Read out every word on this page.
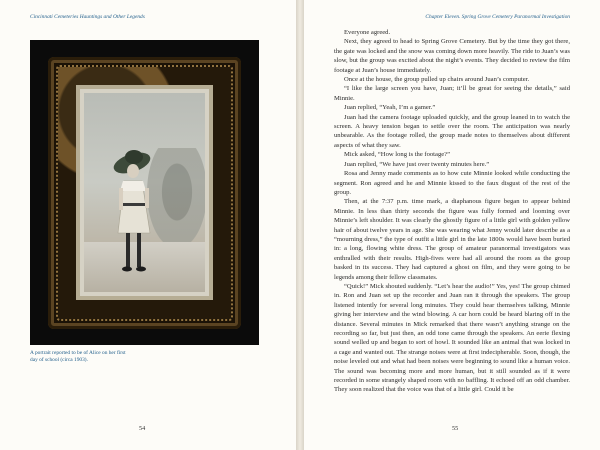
Cincinnati Cemeteries Hauntings and Other Legends
A portrait reported to be of Alice on her first day of school (circa 1903).
54
Chapter Eleven. Spring Grove Cemetery Paranormal Investigation

Everyone agreed.

Next, they agreed to head to Spring Grove Cemetery. But by the time they got there, the gate was locked and the snow was coming down more heavily. The ride to Juan’s was slow, but the group was excited about the night’s events. They decided to review the film footage at Juan’s house immediately.

Once at the house, the group pulled up chairs around Juan’s computer.

“I like the large screen you have, Juan; it’ll be great for seeing the details,” said Minnie.

Juan replied, “Yeah, I’m a gamer.”

Juan had the camera footage uploaded quickly, and the group leaned in to watch the screen. A heavy tension began to settle over the room. The anticipation was nearly unbearable. As the footage rolled, the group made notes to themselves about different aspects of what they saw.

Mick asked, “How long is the footage?”

Juan replied, “We have just over twenty minutes here.”

Rosa and Jenny made comments as to how cute Minnie looked while conducting the segment. Ron agreed and he and Minnie kissed to the faux disgust of the rest of the group.

Then, at the 7:37 p.m. time mark, a diaphanous figure began to appear behind Minnie. In less than thirty seconds the figure was fully formed and looming over Minnie’s left shoulder. It was clearly the ghostly figure of a little girl with golden yellow hair of about twelve years in age. She was wearing what Jenny would later describe as a “mourning dress,” the type of outfit a little girl in the late 1800s would have been buried in: a long, flowing white dress. The group of amateur paranormal investigators was enthralled with their results. High-fives were had all around the room as the group basked in its success. They had captured a ghost on film, and they were going to be legends among their fellow classmates.

“Quick!” Mick shouted suddenly. “Let’s hear the audio!” Yes, yes! The group chimed in. Ron and Juan set up the recorder and Juan ran it through the speakers. The group listened intently for several long minutes. They could hear themselves talking, Minnie giving her interview and the wind blowing. A car horn could be heard blaring off in the distance. Several minutes in Mick remarked that there wasn’t anything strange on the recording so far, but just then, an odd tone came through the speakers. An eerie flexing sound welled up and began to sort of howl. It sounded like an animal that was locked in a cage and wanted out. The strange noises were at first indecipherable. Soon, though, the noise leveled out and what had been noises were beginning to sound like a human voice. The sound was becoming more and more human, but it still sounded as if it were recorded in some strangely shaped room with no baffling. It echoed off an odd chamber. They soon realized that the voice was that of a little girl. Could it be

55
